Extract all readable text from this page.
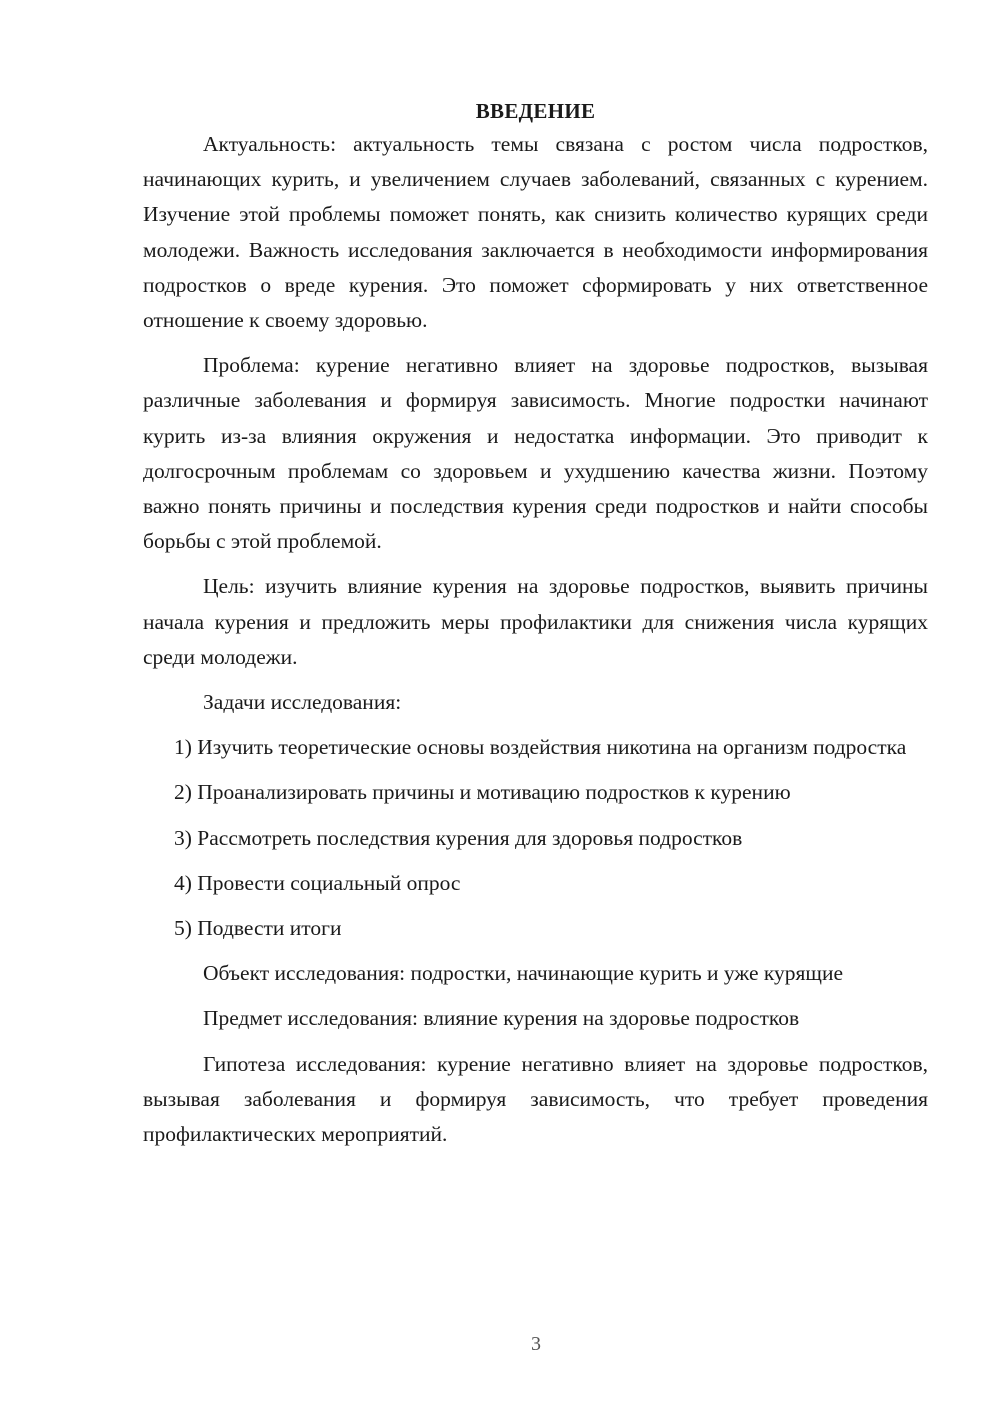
ВВЕДЕНИЕ

Актуальность: актуальность темы связана с ростом числа подростков, начинающих курить, и увеличением случаев заболеваний, связанных с курением. Изучение этой проблемы поможет понять, как снизить количество курящих среди молодежи. Важность исследования заключается в необходимости информирования подростков о вреде курения. Это поможет сформировать у них ответственное отношение к своему здоровью.

Проблема: курение негативно влияет на здоровье подростков, вызывая различные заболевания и формируя зависимость. Многие подростки начинают курить из-за влияния окружения и недостатка информации. Это приводит к долгосрочным проблемам со здоровьем и ухудшению качества жизни. Поэтому важно понять причины и последствия курения среди подростков и найти способы борьбы с этой проблемой.

Цель: изучить влияние курения на здоровье подростков, выявить причины начала курения и предложить меры профилактики для снижения числа курящих среди молодежи.

Задачи исследования:

1) Изучить теоретические основы воздействия никотина на организм подростка

2) Проанализировать причины и мотивацию подростков к курению

3) Рассмотреть последствия курения для здоровья подростков

4) Провести социальный опрос

5) Подвести итоги

Объект исследования: подростки, начинающие курить и уже курящие

Предмет исследования: влияние курения на здоровье подростков

Гипотеза исследования: курение негативно влияет на здоровье подростков, вызывая заболевания и формируя зависимость, что требует проведения профилактических мероприятий.

3
